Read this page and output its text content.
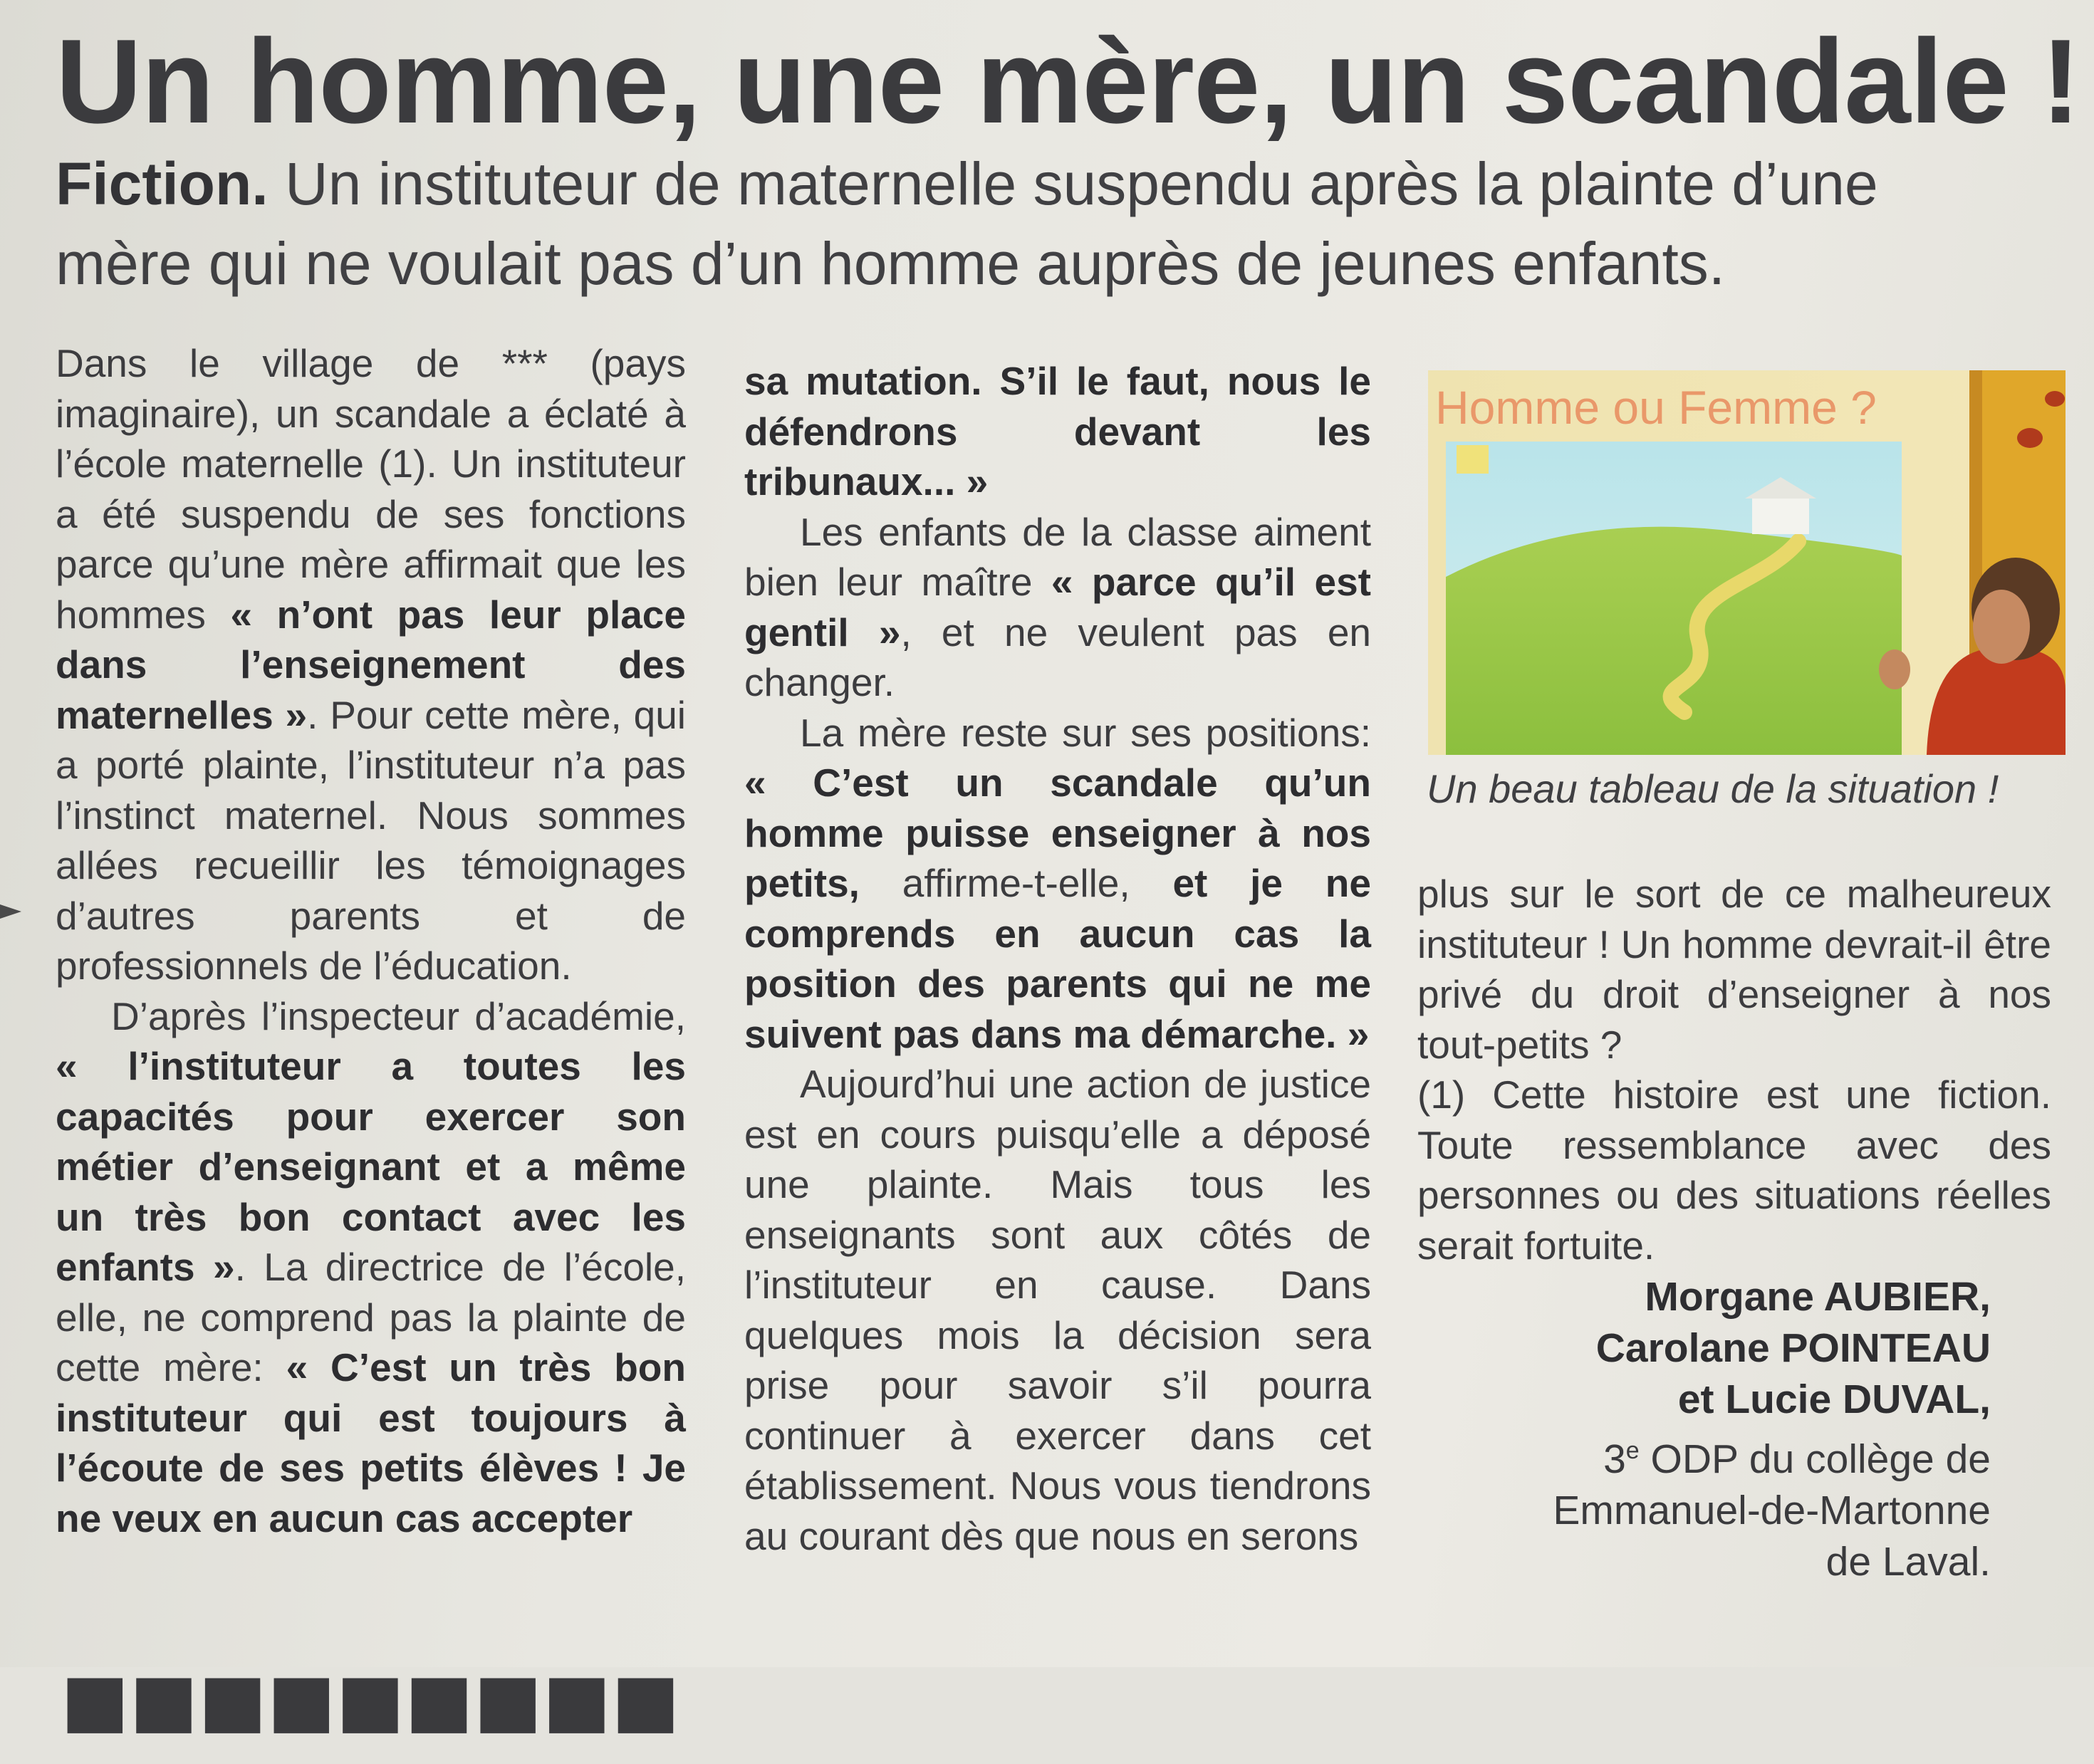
Un homme, une mère, un scandale !

Fiction. Un instituteur de maternelle suspendu après la plainte d’une mère qui ne voulait pas d’un homme auprès de jeunes enfants.

Dans le village de *** (pays imaginaire), un scandale a éclaté à l’école maternelle (1). Un instituteur a été suspendu de ses fonctions parce qu’une mère affirmait que les hommes « n’ont pas leur place dans l’enseignement des maternelles ». Pour cette mère, qui a porté plainte, l’instituteur n’a pas l’instinct maternel. Nous sommes allées recueillir les témoignages d’autres parents et de professionnels de l’éducation.

D’après l’inspecteur d’académie, « l’instituteur a toutes les capacités pour exercer son métier d’enseignant et a même un très bon contact avec les enfants ». La directrice de l’école, elle, ne comprend pas la plainte de cette mère: « C’est un très bon instituteur qui est toujours à l’écoute de ses petits élèves ! Je ne veux en aucun cas accepter

sa mutation. S’il le faut, nous le défendrons devant les tribunaux... »

Les enfants de la classe aiment bien leur maître « parce qu’il est gentil », et ne veulent pas en changer.

La mère reste sur ses positions: « C’est un scandale qu’un homme puisse enseigner à nos petits, affirme-t-elle, et je ne comprends en aucun cas la position des parents qui ne me suivent pas dans ma démarche. »

Aujourd’hui une action de justice est en cours puisqu’elle a déposé une plainte. Mais tous les enseignants sont aux côtés de l’instituteur en cause. Dans quelques mois la décision sera prise pour savoir s’il pourra continuer à exercer dans cet établissement. Nous vous tiendrons au courant dès que nous en serons

Homme ou Femme ?

Un beau tableau de la situation !

plus sur le sort de ce malheureux instituteur ! Un homme devrait-il être privé du droit d’enseigner à nos tout-petits ?

(1) Cette histoire est une fiction. Toute ressemblance avec des personnes ou des situations réelles serait fortuite.

Morgane AUBIER,
Carolane POINTEAU
et Lucie DUVAL,
3e ODP du collège de
Emmanuel-de-Martonne
de Laval.
■■■■■■■■■
